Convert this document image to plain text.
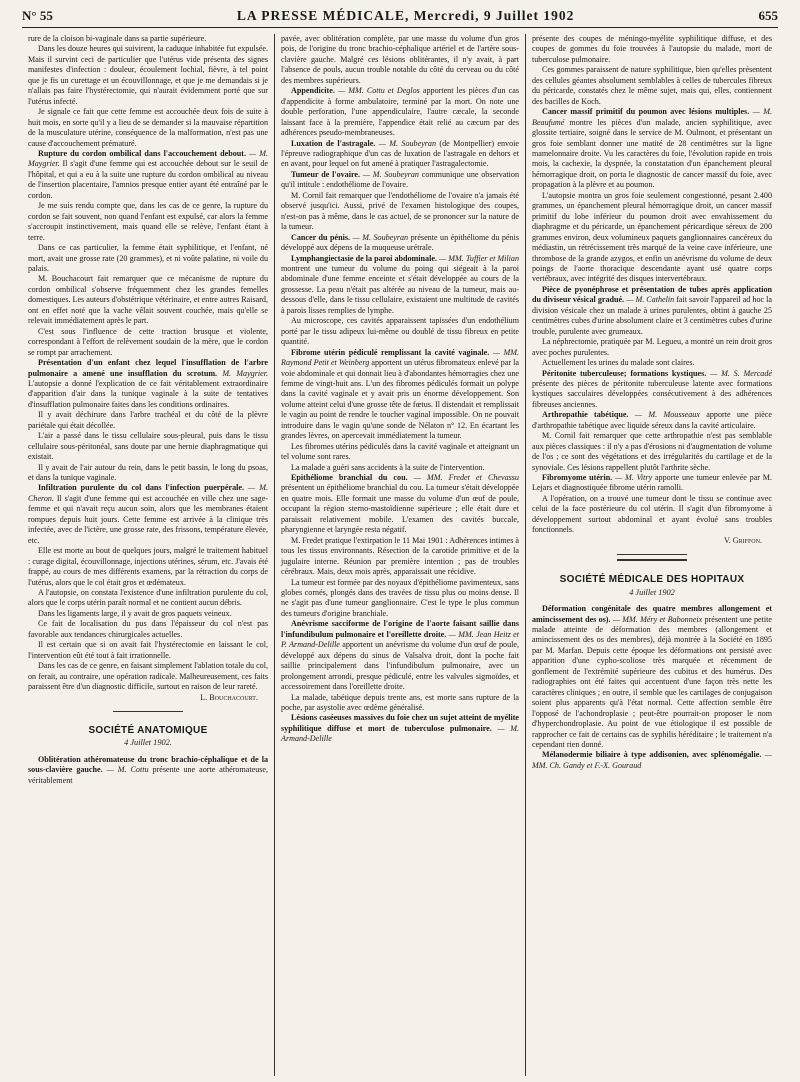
N° 55	LA PRESSE MÉDICALE, Mercredi, 9 Juillet 1902	655

rure de la cloison bi-vaginale dans sa partie supérieure.

Dans les douze heures qui suivirent, la caduque inhabitée fut expulsée. Mais il survint ceci de particulier que l'utérus vide présenta des signes manifestes d'infection : douleur, écoulement lochial, fièvre, à tel point que je fis un curettage et un écouvillonnage, et que je me demandais si je n'allais pas faire l'hystérectomie, qui n'aurait évidemment porté que sur l'utérus infecté.

Je signale ce fait que cette femme est accouchée deux fois de suite à huit mois, en sorte qu'il y a lieu de se demander si la mauvaise répartition de la musculature utérine, conséquence de la malformation, n'est pas une cause d'accouchement prématuré.

Rupture du cordon ombilical dans l'accouchement debout. — M. Maygrier. Il s'agit d'une femme qui est accouchée debout sur le seuil de l'hôpital, et qui a eu à la suite une rupture du cordon ombilical au niveau de l'insertion placentaire, l'amnios presque entier ayant été entraîné par le cordon.

Je me suis rendu compte que, dans les cas de ce genre, la rupture du cordon se fait souvent, non quand l'enfant est expulsé, car alors la femme s'accroupit instinctivement, mais quand elle se relève, l'enfant étant à terre.

Dans ce cas particulier, la femme était syphilitique, et l'enfant, né mort, avait une grosse rate (20 grammes), et ni voûte palatine, ni voile du palais.

M. Bouchacourt fait remarquer que ce mécanisme de rupture du cordon ombilical s'observe fréquemment chez les grandes femelles domestiques. Les auteurs d'obstétrique vétérinaire, et entre autres Raisard, ont en effet noté que la vache vêlait souvent couchée, mais qu'elle se relevait immédiatement après le part.

C'est sous l'influence de cette traction brusque et violente, correspondant à l'effort de relèvement soudain de la mère, que le cordon se rompt par arrachement.

Présentation d'un enfant chez lequel l'insufflation de l'arbre pulmonaire a amené une insufflation du scrotum. M. Maygrier. L'autopsie a donné l'explication de ce fait véritablement extraordinaire d'apparition d'air dans la tunique vaginale à la suite de tentatives d'insufflation pulmonaire faites dans les conditions ordinaires.

Il y avait déchirure dans l'arbre trachéal et du côté de la plèvre pariétale qui était décollée.

L'air a passé dans le tissu cellulaire sous-pleural, puis dans le tissu cellulaire sous-péritonéal, sans doute par une hernie diaphragmatique qui existait.

Il y avait de l'air autour du rein, dans le petit bassin, le long du psoas, et dans la tunique vaginale.

Infiltration purulente du col dans l'infection puerpérale. — M. Cheron. Il s'agit d'une femme qui est accouchée en ville chez une sage-femme et qui n'avait reçu aucun soin, alors que les membranes étaient rompues depuis huit jours. Cette femme est arrivée à la clinique très infectée, avec de l'ictère, une grosse rate, des frissons, température élevée, etc.

Elle est morte au bout de quelques jours, malgré le traitement habituel : curage digital, écouvillonnage, injections utérines, sérum, etc. J'avais été frappé, au cours de mes différents examens, par la rétraction du corps de l'utérus, alors que le col était gros et œdémateux.

A l'autopsie, on constata l'existence d'une infiltration purulente du col, alors que le corps utérin paraît normal et ne contient aucun débris.

Dans les ligaments large, il y avait de gros paquets veineux.

Ce fait de localisation du pus dans l'épaisseur du col n'est pas favorable aux tendances chirurgicales actuelles.

Il est certain que si on avait fait l'hystérectomie en laissant le col, l'intervention eût été tout à fait irrationnelle.

Dans les cas de ce genre, en faisant simplement l'ablation totale du col, on ferait, au contraire, une opération radicale. Malheureusement, ces faits paraissent être d'un diagnostic difficile, surtout en raison de leur rareté.

L. Bouchacourt.
SOCIÉTÉ ANATOMIQUE
4 Juillet 1902.

Oblitération athéromateuse du tronc brachio-céphalique et de la sous-clavière gauche. — M. Cottu présente une aorte athéromateuse, véritablement

pavée, avec oblitération complète, par une masse du volume d'un gros pois, de l'origine du tronc brachio-céphalique artériel et de l'artère sous-clavière gauche. Malgré ces lésions oblitérantes, il n'y avait, à part l'absence de pouls, aucun trouble notable du côté du cerveau ou du côté des membres supérieurs.

Appendicite. — MM. Cottu et Deglos apportent les pièces d'un cas d'appendicite à forme ambulatoire, terminé par la mort. On note une double perforation, l'une appendiculaire, l'autre cæcale, la seconde laissant face à la première, l'appendice était relié au cæcum par des adhérences pseudo-membraneuses.

Luxation de l'astragale. — M. Soubeyran (de Montpellier) envoie l'épreuve radiographique d'un cas de luxation de l'astragale en dehors et en avant, pour lequel on fut amené à pratiquer l'astragalectomie.

Tumeur de l'ovaire. — M. Soubeyran communique une observation qu'il intitule : endothéliome de l'ovaire.

M. Cornil fait remarquer que l'endothéliome de l'ovaire n'a jamais été observé jusqu'ici. Aussi, privé de l'examen histologique des coupes, n'est-on pas à même, dans le cas actuel, de se prononcer sur la nature de la tumeur.

Cancer du pénis. — M. Soubeyran présente un épithéliome du pénis développé aux dépens de la muqueuse urétrale.

Lymphangiectasie de la paroi abdominale. — MM. Tuffier et Milian montrent une tumeur du volume du poing qui siégeait à la paroi abdominale d'une femme enceinte et s'était développée au cours de la grossesse. La peau n'était pas altérée au niveau de la tumeur, mais au-dessous d'elle, dans le tissu cellulaire, existaient une multitude de cavités à parois lisses remplies de lymphe.

Au microscope, ces cavités apparaissent tapissées d'un endothélium porté par le tissu adipeux lui-même ou doublé de tissu fibreux en petite quantité.

Fibrome utérin pédiculé remplissant la cavité vaginale. — MM. Raymond Petit et Weinberg apportent un utérus fibromateux enlevé par la voie abdominale et qui donnait lieu à d'abondantes hémorragies chez une femme de vingt-huit ans. L'un des fibromes pédiculés formait un polype dans la cavité vaginale et y avait pris un énorme développement. Son volume atteint celui d'une grosse tête de fœtus. Il distendait et remplissait le vagin au point de rendre le toucher vaginal impossible. On ne pouvait introduire dans le vagin qu'une sonde de Nélaton n° 12. En écartant les grandes lèvres, on apercevait immédiatement la tumeur.

Les fibromes utérins pédiculés dans la cavité vaginale et atteignant un tel volume sont rares.

La malade a guéri sans accidents à la suite de l'intervention.

Epithéliome branchial du cou. — MM. Fredet et Chevassu présentent un épithéliome branchial du cou. La tumeur s'était développée en quatre mois. Elle formait une masse du volume d'un œuf de poule, occupant la région sterno-mastoïdienne supérieure ; elle était dure et paraissait relativement mobile. L'examen des cavités buccale, pharyngienne et laryngée resta négatif.

M. Fredet pratique l'extirpation le 11 Mai 1901 : Adhérences intimes à tous les tissus environnants. Résection de la carotide primitive et de la jugulaire interne. Réunion par première intention ; pas de troubles cérébraux. Mais, deux mois après, apparaissait une récidive.

La tumeur est formée par des noyaux d'épithéliome pavimenteux, sans globes cornés, plongés dans des travées de tissu plus ou moins dense. Il ne s'agit pas d'une tumeur ganglionnaire. C'est le type le plus commun des tumeurs d'origine branchiale.

Anévrisme sacciforme de l'origine de l'aorte faisant saillie dans l'infundibulum pulmonaire et l'oreillette droite. — MM. Jean Heitz et P. Armand-Delille apportent un anévrisme du volume d'un œuf de poule, développé aux dépens du sinus de Valsalva droit, dont la poche fait saillie principalement dans l'infundibulum pulmonaire, avec un prolongement arrondi, presque pédiculé, entre les valvules sigmoïdes, et accessoirement dans l'oreillette droite.

La malade, tabétique depuis trente ans, est morte sans rupture de la poche, par asystolie avec œdème généralisé.

Lésions caséeuses massives du foie chez un sujet atteint de myélite syphilitique diffuse et mort de tuberculose pulmonaire. — M. Armand-Delille

présente des coupes de méningo-myélite syphilitique diffuse, et des coupes de gommes du foie trouvées à l'autopsie du malade, mort de tuberculose pulmonaire.

Ces gommes paraissent de nature syphilitique, bien qu'elles présentent des cellules géantes absolument semblables à celles de tubercules fibreux du péricarde, constatés chez le même sujet, mais qui, elles, contiennent des bacilles de Koch.

Cancer massif primitif du poumon avec lésions multiples. — M. Beaufumé montre les pièces d'un malade, ancien syphilitique, avec glossite tertiaire, soigné dans le service de M. Oulmont, et présentant un gros foie semblant donner une matité de 28 centimètres sur la ligne mamelonnaire droite. Vu les caractères du foie, l'évolution rapide en trois mois, la cachexie, la dyspnée, la constatation d'un épanchement pleural hémorragique droit, on porta le diagnostic de cancer massif du foie, avec propagation à la plèvre et au poumon.

L'autopsie montra un gros foie seulement congestionné, pesant 2.400 grammes, un épanchement pleural hémorragique droit, un cancer massif primitif du lobe inférieur du poumon droit avec envahissement du diaphragme et du péricarde, un épanchement péricardique séreux de 200 grammes environ, deux volumineux paquets ganglionnaires cancéreux du médiastin, un rétrécissement très marqué de la veine cave inférieure, une thrombose de la grande azygos, et enfin un anévrisme du volume de deux poings de l'aorte thoracique descendante ayant usé quatre corps vertébraux, avec intégrité des disques intervertébraux.

Pièce de pyonéphrose et présentation de tubes après application du diviseur vésical gradué. — M. Cathelin fait savoir l'appareil ad hoc la division vésicale chez un malade à urines purulentes, obtint à gauche 25 centimètres cubes d'urine absolument claire et 3 centimètres cubes d'urine trouble, purulente avec grumeaux.

La néphrectomie, pratiquée par M. Legueu, a montré un rein droit gros avec poches purulentes.

Actuellement les urines du malade sont claires.

Péritonite tuberculeuse; formations kystiques. — M. S. Mercadé présente des pièces de péritonite tuberculeuse latente avec formations kystiques sacculaires développées consécutivement à des adhérences fibreuses anciennes.

Arthropathie tabétique. — M. Mousseaux apporte une pièce d'arthropathie tabétique avec liquide séreux dans la cavité articulaire.

M. Cornil fait remarquer que cette arthropathie n'est pas semblable aux pièces classiques : il n'y a pas d'érosions ni d'augmentation de volume de l'os ; ce sont des végétations et des irrégularités du cartilage et de la synoviale. Ces lésions rappellent plutôt l'arthrite sèche.

Fibromyome utérin. — M. Vitry apporte une tumeur enlevée par M. Lejars et diagnostiquée fibrome utérin ramolli.

A l'opération, on a trouvé une tumeur dont le tissu se continue avec celui de la face postérieure du col utérin. Il s'agit d'un fibromyome à développement surtout abdominal et ayant évolué sans troubles fonctionnels.

V. Griffon.
SOCIÉTÉ MÉDICALE DES HOPITAUX
4 Juillet 1902

Déformation congénitale des quatre membres allongement et amincissement des os). — MM. Méry et Babonneix présentent une petite malade atteinte de déformation des membres (allongement et amincissement des os des membres), déjà montrée à la Société en 1895 par M. Marfan. Depuis cette époque les déformations ont persisté avec apparition d'une cypho-scoliose très marquée et récemment de gonflement de l'extrémité supérieure des cubitus et des humérus. Des radiographies ont été faites qui accentuent d'une façon très nette les caractères cliniques ; en outre, il semble que les cartilages de conjugaison soient plus apparents qu'à l'état normal. Cette affection semble être l'opposé de l'achondroplasie ; peut-être pourrait-on proposer le nom d'hyperchondroplasie. Au point de vue étiologique il est possible de rapprocher ce fait de certains cas de syphilis héréditaire ; le traitement n'a cependant rien donné.

Mélanodermie biliaire à type addisonien, avec splénomégalie. — MM. Ch. Gandy et F.-X. Gouraud
